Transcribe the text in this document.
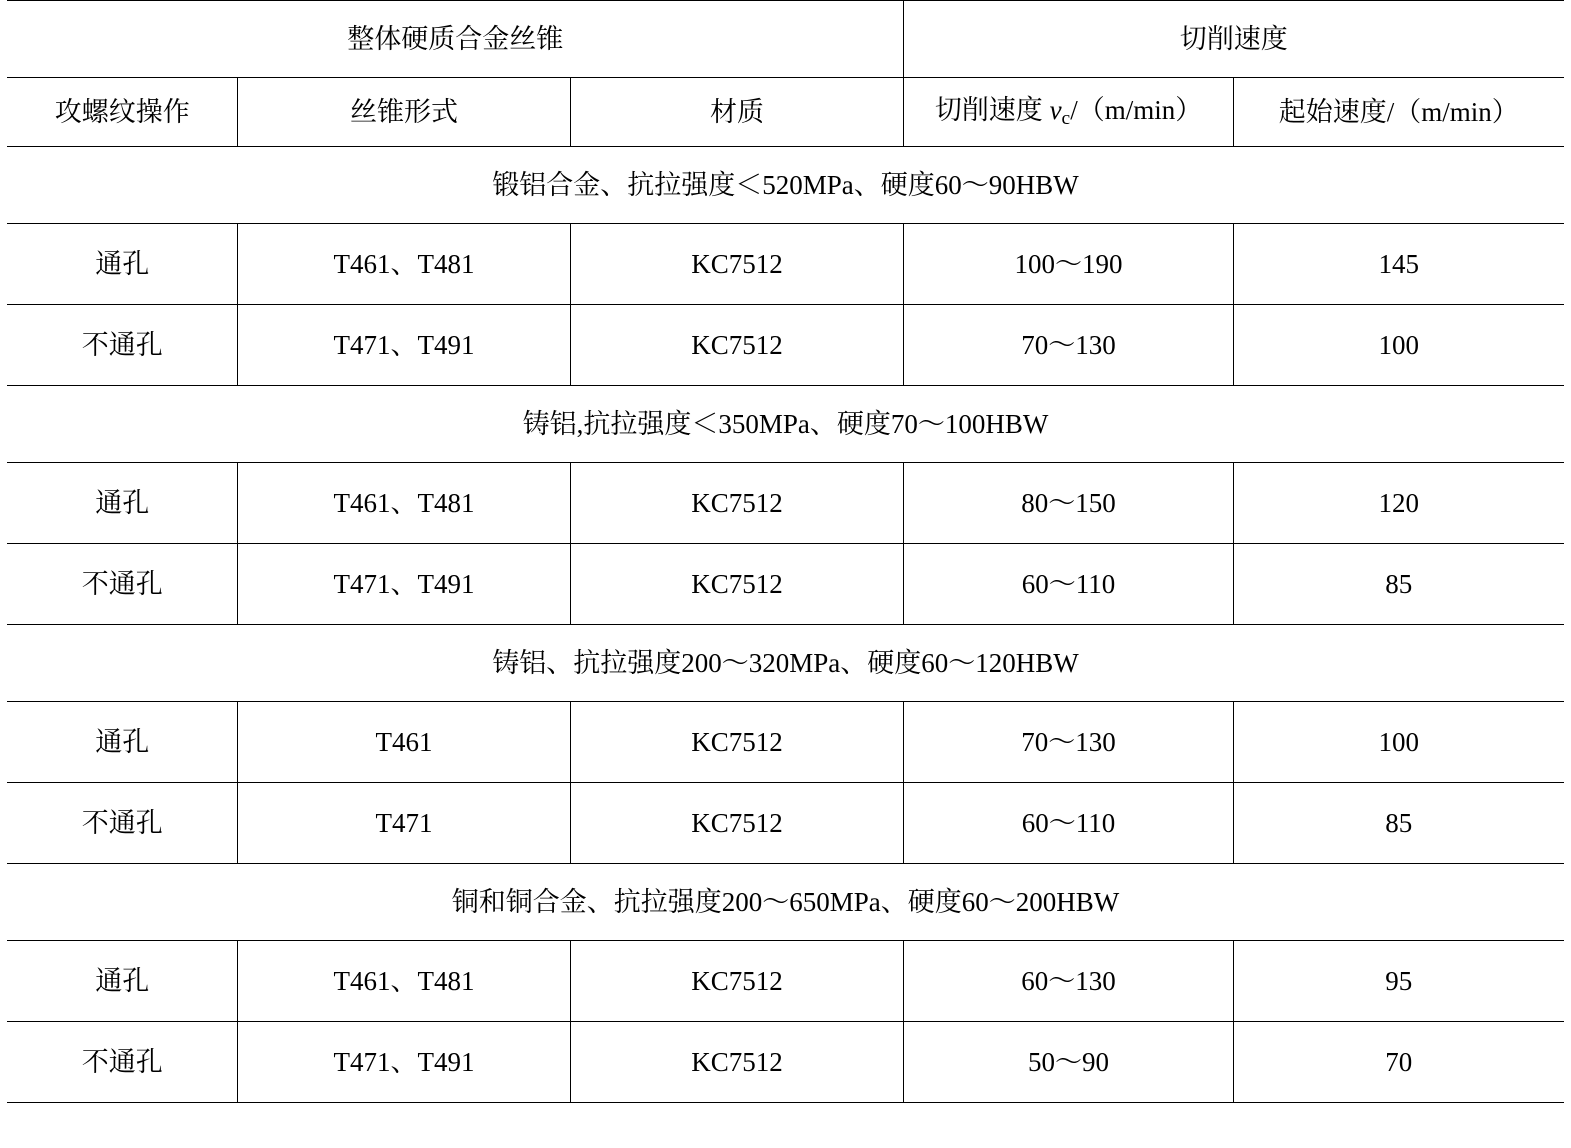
整体硬质合金丝锥			切削速度	
攻螺纹操作	丝锥形式	材质	切削速度 $v_c/(m/\min)$	起始速度/（m/min）
锻铝合金、抗拉强度＜520MPa、硬度60～90HBW				
通孔	T461、T481	KC7512	100～190	145
不通孔	T471、T491	KC7512	70～130	100
铸铝,抗拉强度＜350MPa、硬度70～100HBW				
通孔	T461、T481	KC7512	80～150	120
不通孔	T471、T491	KC7512	60～110	85
铸铝、抗拉强度200～320MPa、硬度60～120HBW				
通孔	T461	KC7512	70～130	100
不通孔	T471	KC7512	60～110	85
铜和铜合金、抗拉强度200～650MPa、硬度60～200HBW				
通孔	T461、T481	KC7512	60～130	95
不通孔	T471、T491	KC7512	50～90	70
